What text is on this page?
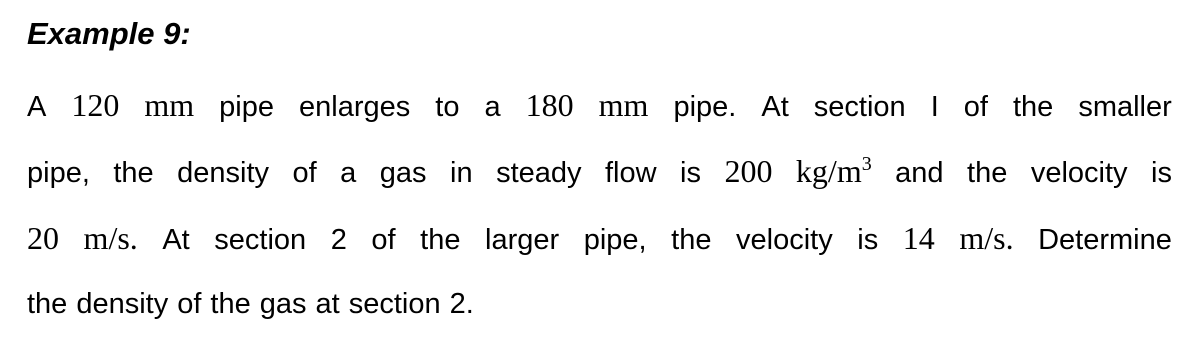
Example 9:
A 120 mm pipe enlarges to a 180 mm pipe. At section I of the smaller
pipe, the density of a gas in steady flow is 200 $kg/m^3$ and the velocity is
20 m/s. At section 2 of the larger pipe, the velocity is 14 m/s. Determine
the density of the gas at section 2.
